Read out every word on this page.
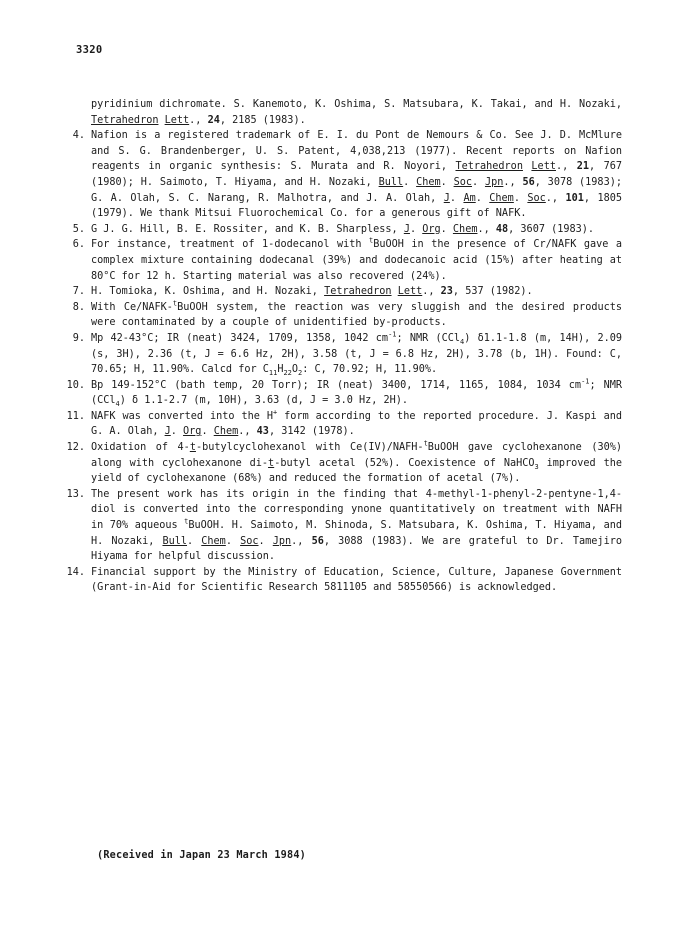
3320
pyridinium dichromate. S. Kanemoto, K. Oshima, S. Matsubara, K. Takai, and H. Nozaki, Tetrahedron Lett., 24, 2185 (1983).
4. Nafion is a registered trademark of E. I. du Pont de Nemours & Co. See J. D. McMlure and S. G. Brandenberger, U. S. Patent, 4,038,213 (1977). Recent reports on Nafion reagents in organic synthesis: S. Murata and R. Noyori, Tetrahedron Lett., 21, 767 (1980); H. Saimoto, T. Hiyama, and H. Nozaki, Bull. Chem. Soc. Jpn., 56, 3078 (1983); G. A. Olah, S. C. Narang, R. Malhotra, and J. A. Olah, J. Am. Chem. Soc., 101, 1805 (1979). We thank Mitsui Fluorochemical Co. for a generous gift of NAFK.
5. G J. G. Hill, B. E. Rossiter, and K. B. Sharpless, J. Org. Chem., 48, 3607 (1983).
6. For instance, treatment of 1-dodecanol with $^t$BuOOH in the presence of Cr/NAFK gave a complex mixture containing dodecanal (39%) and dodecanoic acid (15%) after heating at 80°C for 12 h. Starting material was also recovered (24%).
7. H. Tomioka, K. Oshima, and H. Nozaki, Tetrahedron Lett., 23, 537 (1982).
8. With Ce/NAFK-$^t$BuOOH system, the reaction was very sluggish and the desired products were contaminated by a couple of unidentified by-products.
9. Mp 42-43°C; IR (neat) 3424, 1709, 1358, 1042 $cm^{-1}$; NMR (CCl$_4$) δ1.1-1.8 (m, 14H), 2.09 (s, 3H), 2.36 (t, J = 6.6 Hz, 2H), 3.58 (t, J = 6.8 Hz, 2H), 3.78 (b, 1H). Found: C, 70.65; H, 11.90%. Calcd for $C_{11}H_{22}O_2$: C, 70.92; H, 11.90%.
10. Bp 149-152°C (bath temp, 20 Torr); IR (neat) 3400, 1714, 1165, 1084, 1034 $cm^{-1}$; NMR (CCl$_4$) δ 1.1-2.7 (m, 10H), 3.63 (d, J = 3.0 Hz, 2H).
11. NAFK was converted into the H+ form according to the reported procedure. J. Kaspi and G. A. Olah, J. Org. Chem., 43, 3142 (1978).
12. Oxidation of 4-t-butylcyclohexanol with Ce(IV)/NAFH-$^t$BuOOH gave cyclohexanone (30%) along with cyclohexanone di-t-butyl acetal (52%). Coexistence of NaHCO$_3$ improved the yield of cyclohexanone (68%) and reduced the formation of acetal (7%).
13. The present work has its origin in the finding that 4-methyl-1-phenyl-2-pentyne-1,4-diol is converted into the corresponding ynone quantitatively on treatment with NAFH in 70% aqueous $^t$BuOOH. H. Saimoto, M. Shinoda, S. Matsubara, K. Oshima, T. Hiyama, and H. Nozaki, Bull. Chem. Soc. Jpn., 56, 3088 (1983). We are grateful to Dr. Tamejiro Hiyama for helpful discussion.
14. Financial support by the Ministry of Education, Science, Culture, Japanese Government (Grant-in-Aid for Scientific Research 5811105 and 58550566) is acknowledged.
(Received in Japan 23 March 1984)
